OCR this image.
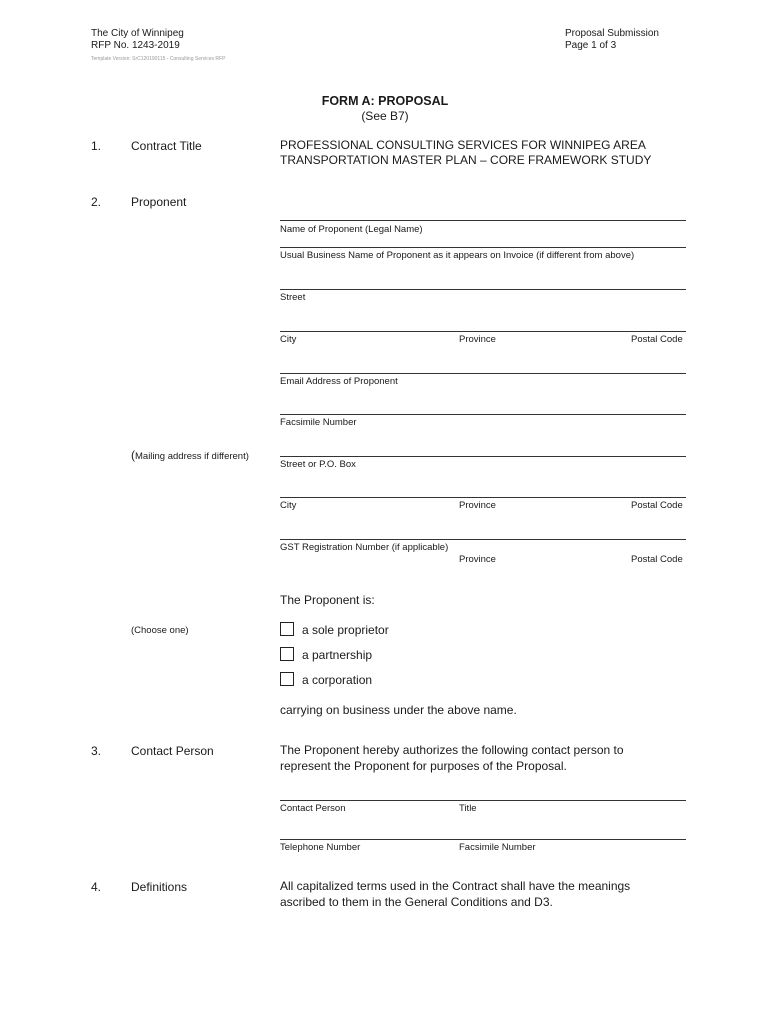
The City of Winnipeg
RFP No. 1243-2019
Template Version: SrC120190115 - Consulting Services RFP
Proposal Submission
Page 1 of 3
FORM A: PROPOSAL
(See B7)
1. Contract Title	PROFESSIONAL CONSULTING SERVICES FOR WINNIPEG AREA
TRANSPORTATION MASTER PLAN – CORE FRAMEWORK STUDY
2. Proponent
Name of Proponent (Legal Name)
Usual Business Name of Proponent as it appears on Invoice (if different from above)
Street
City	Province	Postal Code
Email Address of Proponent
Facsimile Number
(Mailing address if different)
Street or P.O. Box
City	Province	Postal Code
GST Registration Number (if applicable)
Province	Postal Code
The Proponent is:
(Choose one)	a sole proprietor
a partnership
a corporation
carrying on business under the above name.
3. Contact Person	The Proponent hereby authorizes the following contact person to
represent the Proponent for purposes of the Proposal.
Contact Person	Title
Telephone Number	Facsimile Number
4. Definitions	All capitalized terms used in the Contract shall have the meanings
ascribed to them in the General Conditions and D3.
